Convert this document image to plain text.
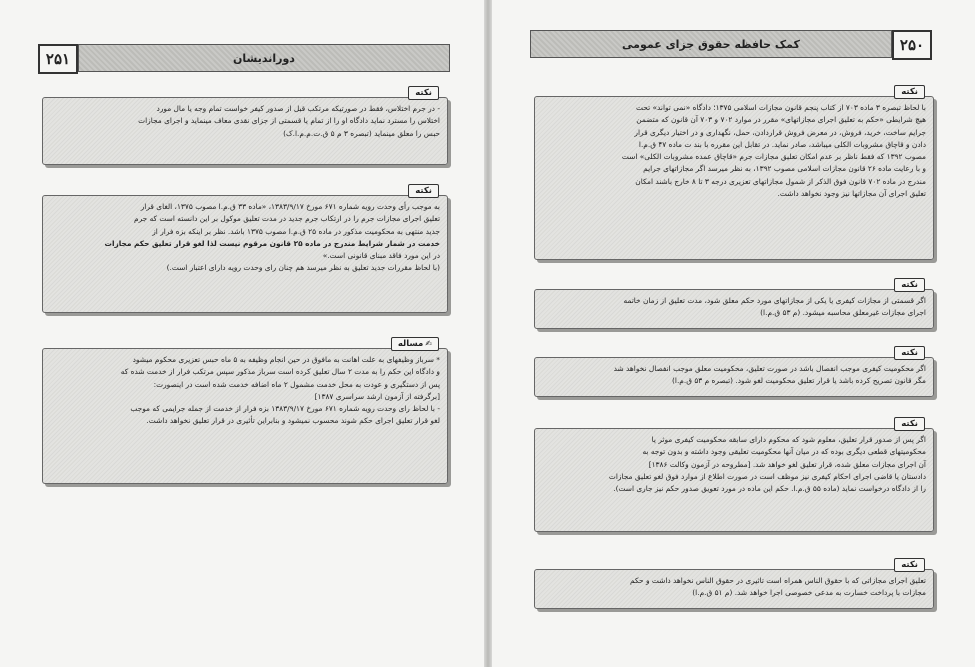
۲۵۱	دوراندیشان
نکته
- در جرم اختلاس، فقط در صورتیکه مرتکب قبل از صدور کیفر خواست تمام وجه یا مال مورد
اختلاس را مسترد نماید دادگاه او را از تمام یا قسمتی از جزای نقدی معاف مینماید و اجرای مجازات
حبس را معلق مینماید (تبصره ۳ م ۵ ق.ت.م.م.ا.ک)
نکته
به موجب رأی وحدت رویه شماره ۶۷۱ مورخ ۱۳۸۳/۹/۱۷، «ماده ۳۳ ق.م.ا مصوب ۱۳۷۵، الغای قرار
تعلیق اجرای مجازات جرم را در ارتکاب جرم جدید در مدت تعلیق موکول بر این دانسته است که جرم
جدید منتهی به محکومیت مذکور در ماده ۲۵ ق.م.ا مصوب ۱۳۷۵ باشد. نظر بر اینکه بزه فرار از
خدمت در شمار شرایط مندرج در ماده ۲۵ قانون مرقوم نیست لذا لغو قرار تعلیق حکم مجازات
در این مورد فاقد مبنای قانونی است.»
(با لحاظ مقررات جدید تعلیق به نظر میرسد هم چنان رای وحدت رویه دارای اعتبار است.)
✍مساله
* سرباز وظیفهای به علت اهانت به مافوق در حین انجام وظیفه به ۵ ماه حبس تعزیری محکوم میشود
و دادگاه این حکم را به مدت ۲ سال تعلیق کرده است سرباز مذکور سپس مرتکب فرار از خدمت شده که
پس از دستگیری و عودت به محل خدمت مشمول ۲ ماه اضافه خدمت شده است در اینصورت:
[برگرفته از آزمون ارشد سراسری ۱۳۸۷]
- با لحاظ رای وحدت رویه شماره ۶۷۱ مورخ ۱۳۸۳/۹/۱۷ بزه فرار از خدمت از جمله جرایمی که موجب
لغو قرار تعلیق اجرای حکم شوند محسوب نمیشود و بنابراین تأثیری در قرار تعلیق نخواهد داشت.
کمک حافظه حقوق جزای عمومی	۲۵۰
نکته
با لحاظ تبصره ۳ ماده ۷۰۳ از کتاب پنجم قانون مجازات اسلامی ۱۳۷۵؛ دادگاه «نمی تواند» تحت
هیچ شرایطی «حکم به تعلیق اجرای مجازاتهای» مقرر در موارد ۷۰۲ و ۷۰۳ آن قانون که متضمن
جرایم ساخت، خرید، فروش، در معرض فروش قراردادن، حمل، نگهداری و در اختیار دیگری قرار
دادن و قاچاق مشروبات الکلی میباشد، صادر نماید. در تقابل این مقرره با بند ت ماده ۴۷ ق.م.ا
مصوب ۱۳۹۲ که فقط ناظر بر عدم امکان تعلیق مجازات جرم «قاچاق عمده مشروبات الکلی» است
و با رعایت ماده ۲۶ قانون مجازات اسلامی مصوب ۱۳۹۲، به نظر میرسد اگر مجازاتهای جرایم
مندرج در ماده ۷۰۲ قانون فوق الذکر از شمول مجازاتهای تعزیری درجه ۳ تا ۸ خارج باشند امکان
تعلیق اجرای آن مجازاتها نیز وجود نخواهد داشت.
نکته
اگر قسمتی از مجازات کیفری یا یکی از مجازاتهای مورد حکم معلق شود، مدت تعلیق از زمان خاتمه
اجرای مجازات غیرمعلق محاسبه میشود. (م ۵۳ ق.م.ا)
نکته
اگر محکومیت کیفری موجب انفصال باشد در صورت تعلیق، محکومیت معلق موجب انفصال نخواهد شد
مگر قانون تصریح کرده باشد یا قرار تعلیق محکومیت لغو شود. (تبصره م ۵۳ ق.م.ا)
نکته
اگر پس از صدور قرار تعلیق، معلوم شود که محکوم دارای سابقه محکومیت کیفری موثر یا
محکومیتهای قطعی دیگری بوده که در میان آنها محکومیت تعلیقی وجود داشته و بدون توجه به
آن اجرای مجازات معلق شده، قرار تعلیق لغو خواهد شد. [مطروحه در آزمون وکالت ۱۳۸۶]
دادستان یا قاضی اجرای احکام کیفری نیز موظف است در صورت اطلاع از موارد فوق لغو تعلیق مجازات
را از دادگاه درخواست نماید (ماده ۵۵ ق.م.ا. حکم این ماده در مورد تعویق صدور حکم نیز جاری است).
نکته
تعلیق اجرای مجازاتی که با حقوق الناس همراه است تاثیری در حقوق الناس نخواهد داشت و حکم
مجازات با پرداخت خسارت به مدعی خصوصی اجرا خواهد شد. (م ۵۱ ق.م.ا)
